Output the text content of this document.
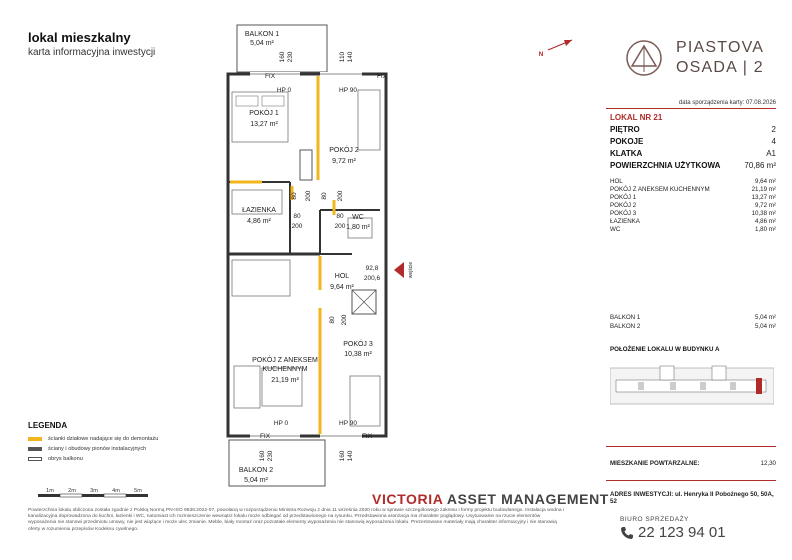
lokal mieszkalny
karta informacyjna inwestycji
BALKON 1
5,04 m²
POKÓJ 1
13,27 m²
POKÓJ 2
9,72 m²
ŁAZIENKA
4,86 m²
WC
1,80 m²
HOL
9,64 m²
POKÓJ 3
10,38 m²
POKÓJ Z ANEKSEM
KUCHENNYM
21,19 m²
BALKON 2
5,04 m²
FIX
HP 0	HP 90
FIX
HP 0	HP 90
FIX	FIX
160 230	110 140
160 230	160 140
80 200 80 200
80
200
80
200
80 200
92,8
200,6
wejście
N	PIASTOVA
OSADA | 2
data sporządzenia karty: 07.08.2026
LOKAL NR 21
PIĘTRO	2
POKOJE	4
KLATKA	A1
POWIERZCHNIA UŻYTKOWA	70,86 m²
HOL	9,64 m²
POKÓJ Z ANEKSEM KUCHENNYM	21,19 m²
POKÓJ 1	13,27 m²
POKÓJ 2	9,72 m²
POKÓJ 3	10,38 m²
ŁAZIENKA	4,86 m²
WC	1,80 m²
BALKON 1	5,04 m²
BALKON 2	5,04 m²
POŁOŻENIE LOKALU W BUDYNKU A
MIESZKANIE POWTARZALNE:	12,30
ADRES INWESTYCJI: ul. Henryka II Pobożnego 50, 50A, 52
LEGENDA
ścianki działowe nadające się do demontażu
ściany i obudowy pionów instalacyjnych
obrys balkonu
1m	2m	3m	4m	5m	VICTORIA ASSET MANAGEMENT
Powierzchnia lokalu obliczona została zgodnie z Polską Normą PN-ISO 9836:2022-07, powołaną w rozporządzeniu Ministra Rozwoju z dnia 11 września 2020 roku w sprawie szczegółowego zakresu i formy projektu budowlanego. Instalacja wodna i kanalizacyjna doprowadzona do kuchni, łazienki i WC, natomiast ich rozmieszczenie wewnątrz lokalu może odbiegać od przedstawionego na rysunku. Przedstawiona aranżacja ma charakter poglądowy. Usytuowanie na rzucie elementów wyposażenia nie stanowi przedmiotu umowy, nie jest wiążące i może ulec zmianie. Meble, biały montaż oraz pozostałe elementy wyposażenia nie stanowią wyposażenia lokalu. Prezentowane materiały mają charakter informacyjny i nie stanowią oferty w rozumieniu przepisów Kodeksu cywilnego.
BIURO SPRZEDAŻY
22 123 94 01
